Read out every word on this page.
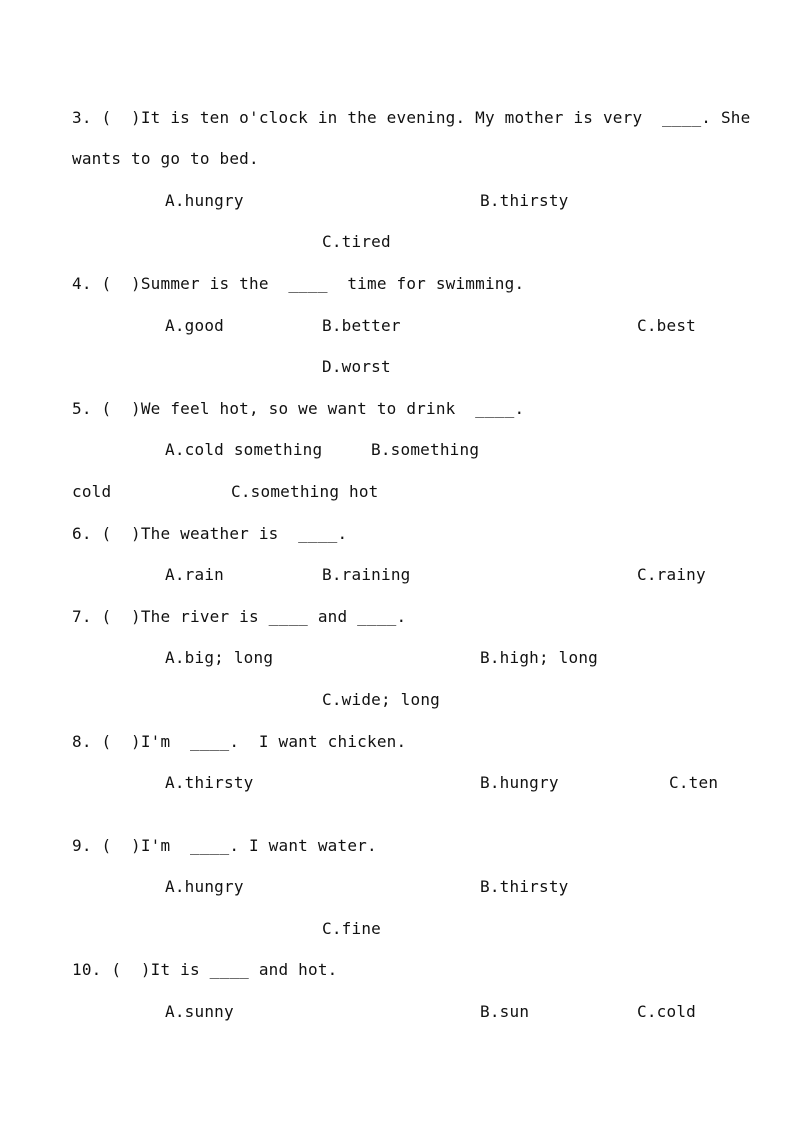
3. (  )It is ten o'clock in the evening. My mother is very  ____. She
wants to go to bed.
A.hungry	B.thirsty
C.tired
4. (  )Summer is the  ____  time for swimming.
A.good	B.better	C.best
D.worst
5. (  )We feel hot, so we want to drink  ____.
A.cold something	B.something
cold	C.something hot
6. (  )The weather is  ____.
A.rain	B.raining	C.rainy
7. (  )The river is ____ and ____.
A.big; long	B.high; long
C.wide; long
8. (  )I'm  ____.  I want chicken.
A.thirsty	B.hungry	C.ten
9. (  )I'm  ____. I want water.
A.hungry	B.thirsty
C.fine
10. (  )It is ____ and hot.
A.sunny	B.sun	C.cold
